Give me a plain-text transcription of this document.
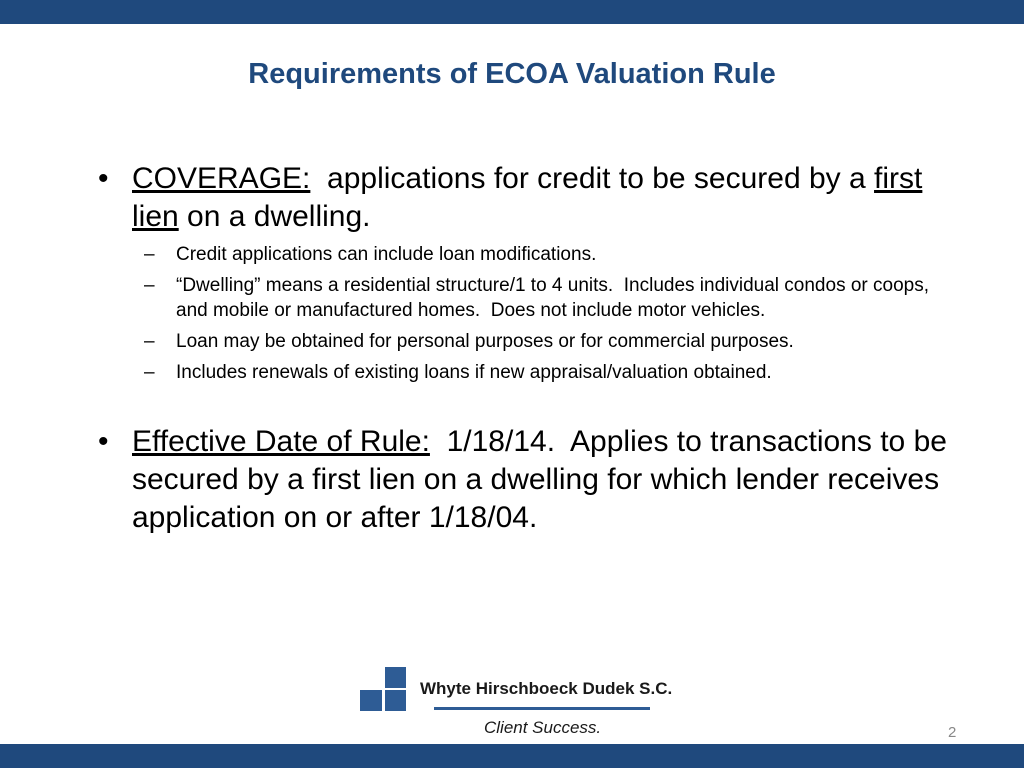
Requirements of ECOA Valuation Rule
• COVERAGE:  applications for credit to be secured by a first lien on a dwelling.
– Credit applications can include loan modifications.
– “Dwelling” means a residential structure/1 to 4 units.  Includes individual condos or coops, and mobile or manufactured homes.  Does not include motor vehicles.
– Loan may be obtained for personal purposes or for commercial purposes.
– Includes renewals of existing loans if new appraisal/valuation obtained.
• Effective Date of Rule:  1/18/14.  Applies to transactions to be secured by a first lien on a dwelling for which lender receives application on or after 1/18/04.
Whyte Hirschboeck Dudek S.C.
Client Success.	2
